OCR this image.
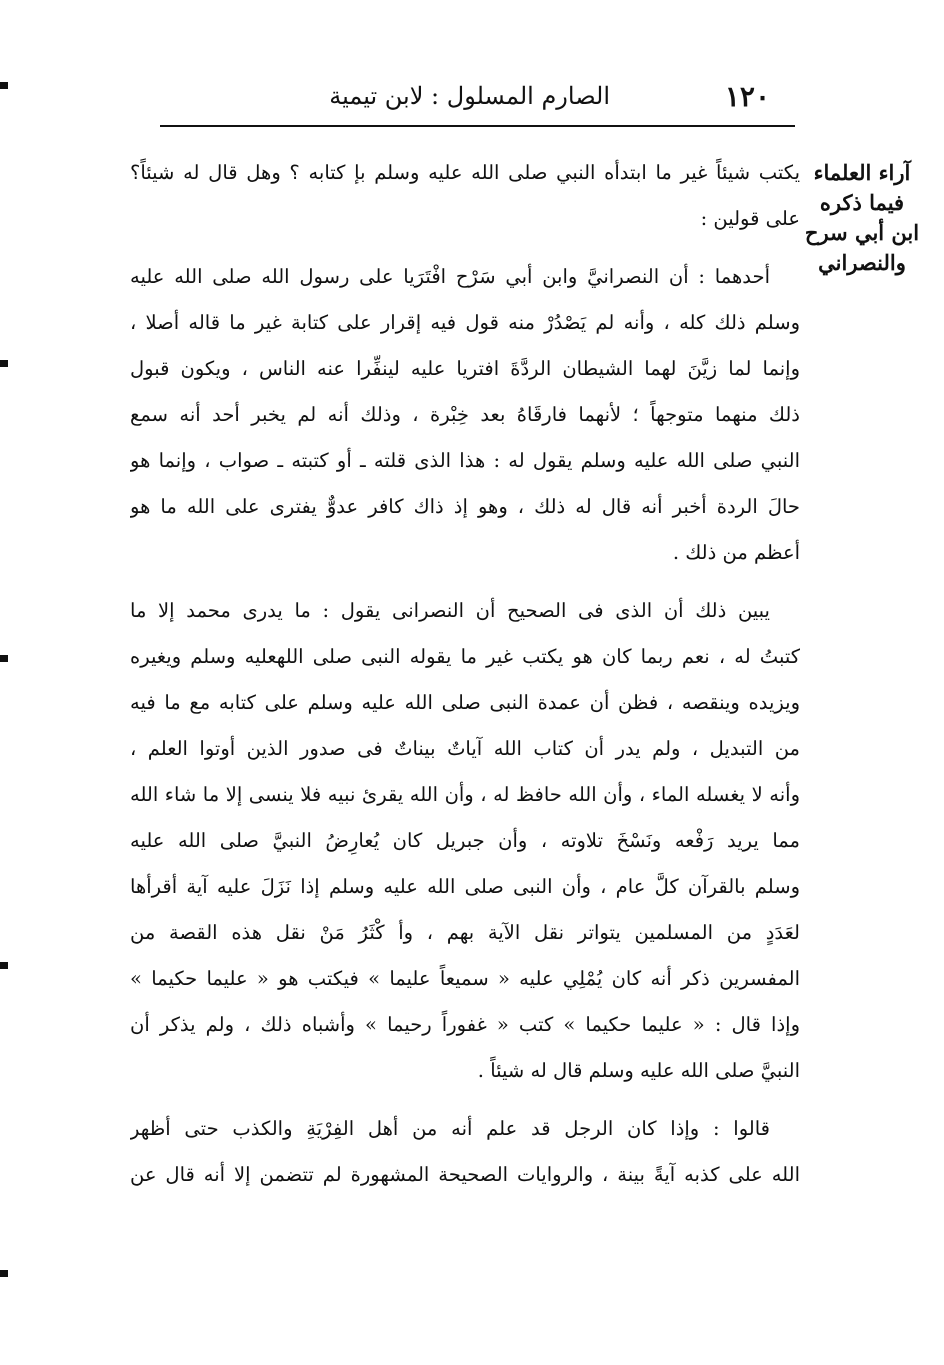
١٢٠
الصارم المسلول : لابن تيمية
آراء العلماء
فيما ذكره
ابن أبي سرح
والنصراني
يكتب شيئاً غير ما ابتدأه النبي صلى الله عليه وسلم بإ كتابه ؟ وهل قال له شيئاً؟
على قولين :
أحدهما : أن النصرانيَّ وابن أبي سَرْح افْتَرَيا على رسول الله صلى الله عليه
وسلم ذلك كله ، وأنه لم يَصْدُرْ منه قول فيه إقرار على كتابة غير ما قاله أصلا ،
وإنما لما زيَّنَ لهما الشيطان الردَّةَ افتريا عليه لينفِّرا عنه الناس ، ويكون قبول
ذلك منهما متوجهاً ؛ لأنهما فارقَاهُ بعد خِبْرة ، وذلك أنه لم يخبر أحد أنه سمع
النبي صلى الله عليه وسلم يقول له : هذا الذى قلته ـ أو كتبته ـ صواب ، وإنما هو
حالَ الردة أخبر أنه قال له ذلك ، وهو إذ ذاك كافر عدوٌّ يفترى على الله ما هو
أعظم من ذلك .
يبين ذلك أن الذى فى الصحيح أن النصرانى يقول : ما يدرى محمد إلا ما
كتبتُ له ، نعم ربما كان هو يكتب غير ما يقوله النبى صلى اللهعليه وسلم ويغيره
ويزيده وينقصه ، فظن أن عمدة النبى صلى الله عليه وسلم على كتابه مع ما فيه
من التبديل ، ولم يدر أن كتاب الله آياتٌ بيناتٌ فى صدور الذين أوتوا العلم ،
وأنه لا يغسله الماء ، وأن الله حافظ له ، وأن الله يقرئ نبيه فلا ينسى إلا ما شاء الله
مما يريد رَفْعه ونَسْخَ تلاوته ، وأن جبريل كان يُعارِضُ النبيَّ صلى الله عليه
وسلم بالقرآن كلَّ عام ، وأن النبى صلى الله عليه وسلم إذا نَزَلَ عليه آية أقرأها
لعَدَدٍ من المسلمين يتواتر نقل الآية بهم ، وأ كْثَرُ مَنْ نقل هذه القصة من
المفسرين ذكر أنه كان يُمْلِي عليه « سميعاً عليما » فيكتب هو « عليما حكيما »
وإذا قال : « عليما حكيما » كتب « غفوراً رحيما » وأشباه ذلك ، ولم يذكر أن
النبيَّ صلى الله عليه وسلم قال له شيئاً .
قالوا : وإذا كان الرجل قد علم أنه من أهل الفِرْيَةِ والكذب حتى أظهر
الله على كذبه آيةً بينة ، والروايات الصحيحة المشهورة لم تتضمن إلا أنه قال عن
